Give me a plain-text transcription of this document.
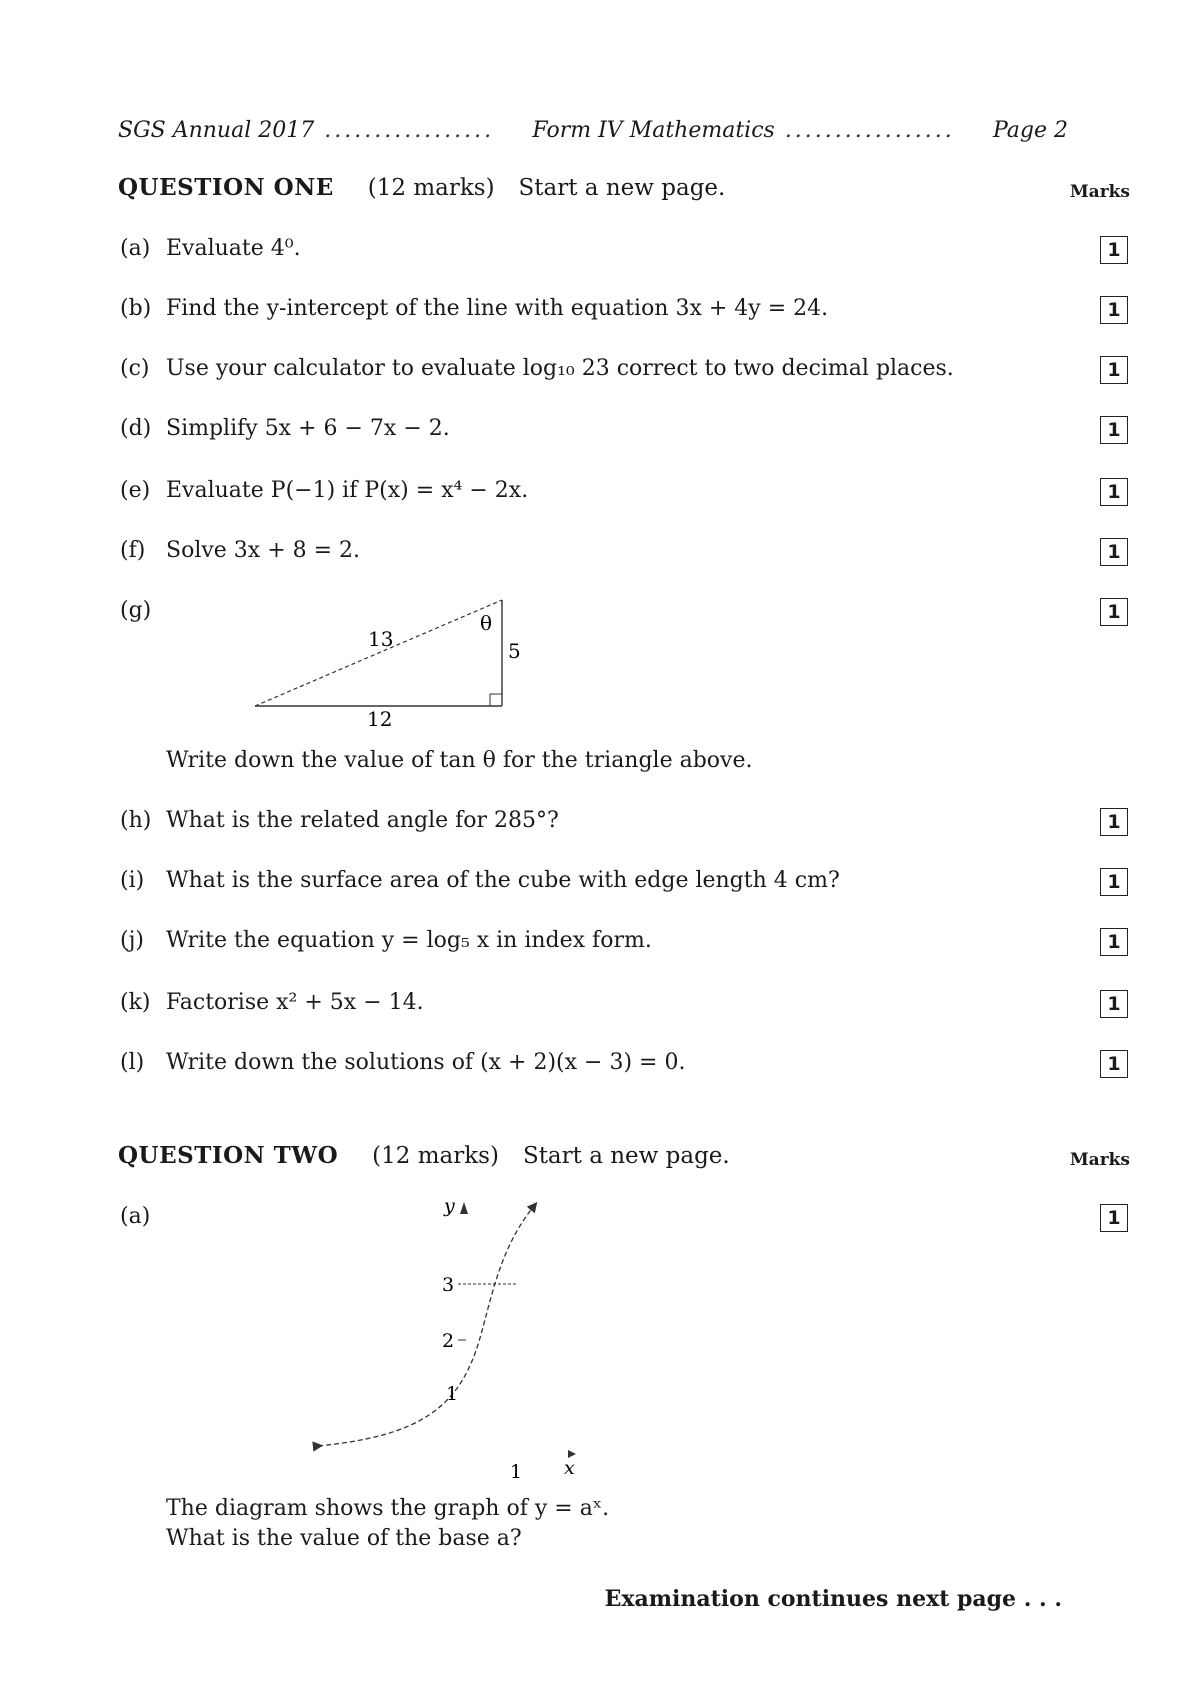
SGS Annual 2017 .................	Form IV Mathematics .................	Page 2
QUESTION ONE (12 marks) Start a new page.	Marks
(a) Evaluate 4⁰.	1
(b) Find the y-intercept of the line with equation 3x + 4y = 24.	1
(c) Use your calculator to evaluate log₁₀ 23 correct to two decimal places.	1
(d) Simplify 5x + 6 − 7x − 2.	1
(e) Evaluate P(−1) if P(x) = x⁴ − 2x.	1
(f) Solve 3x + 8 = 2.	1
(g)	1
13
θ
5
12
Write down the value of tan θ for the triangle above.
(h) What is the related angle for 285°?	1
(i) What is the surface area of the cube with edge length 4 cm?	1
(j)	Write the equation y = log₅ x in index form.	1
(k) Factorise x² + 5x − 14.	1
(l) Write down the solutions of (x + 2)(x − 3) = 0.	1
QUESTION TWO (12 marks) Start a new page.	Marks
(a)	1
y
x
3
2
1
1
The diagram shows the graph of y = aˣ.
What is the value of the base a?
Examination continues next page . . .
